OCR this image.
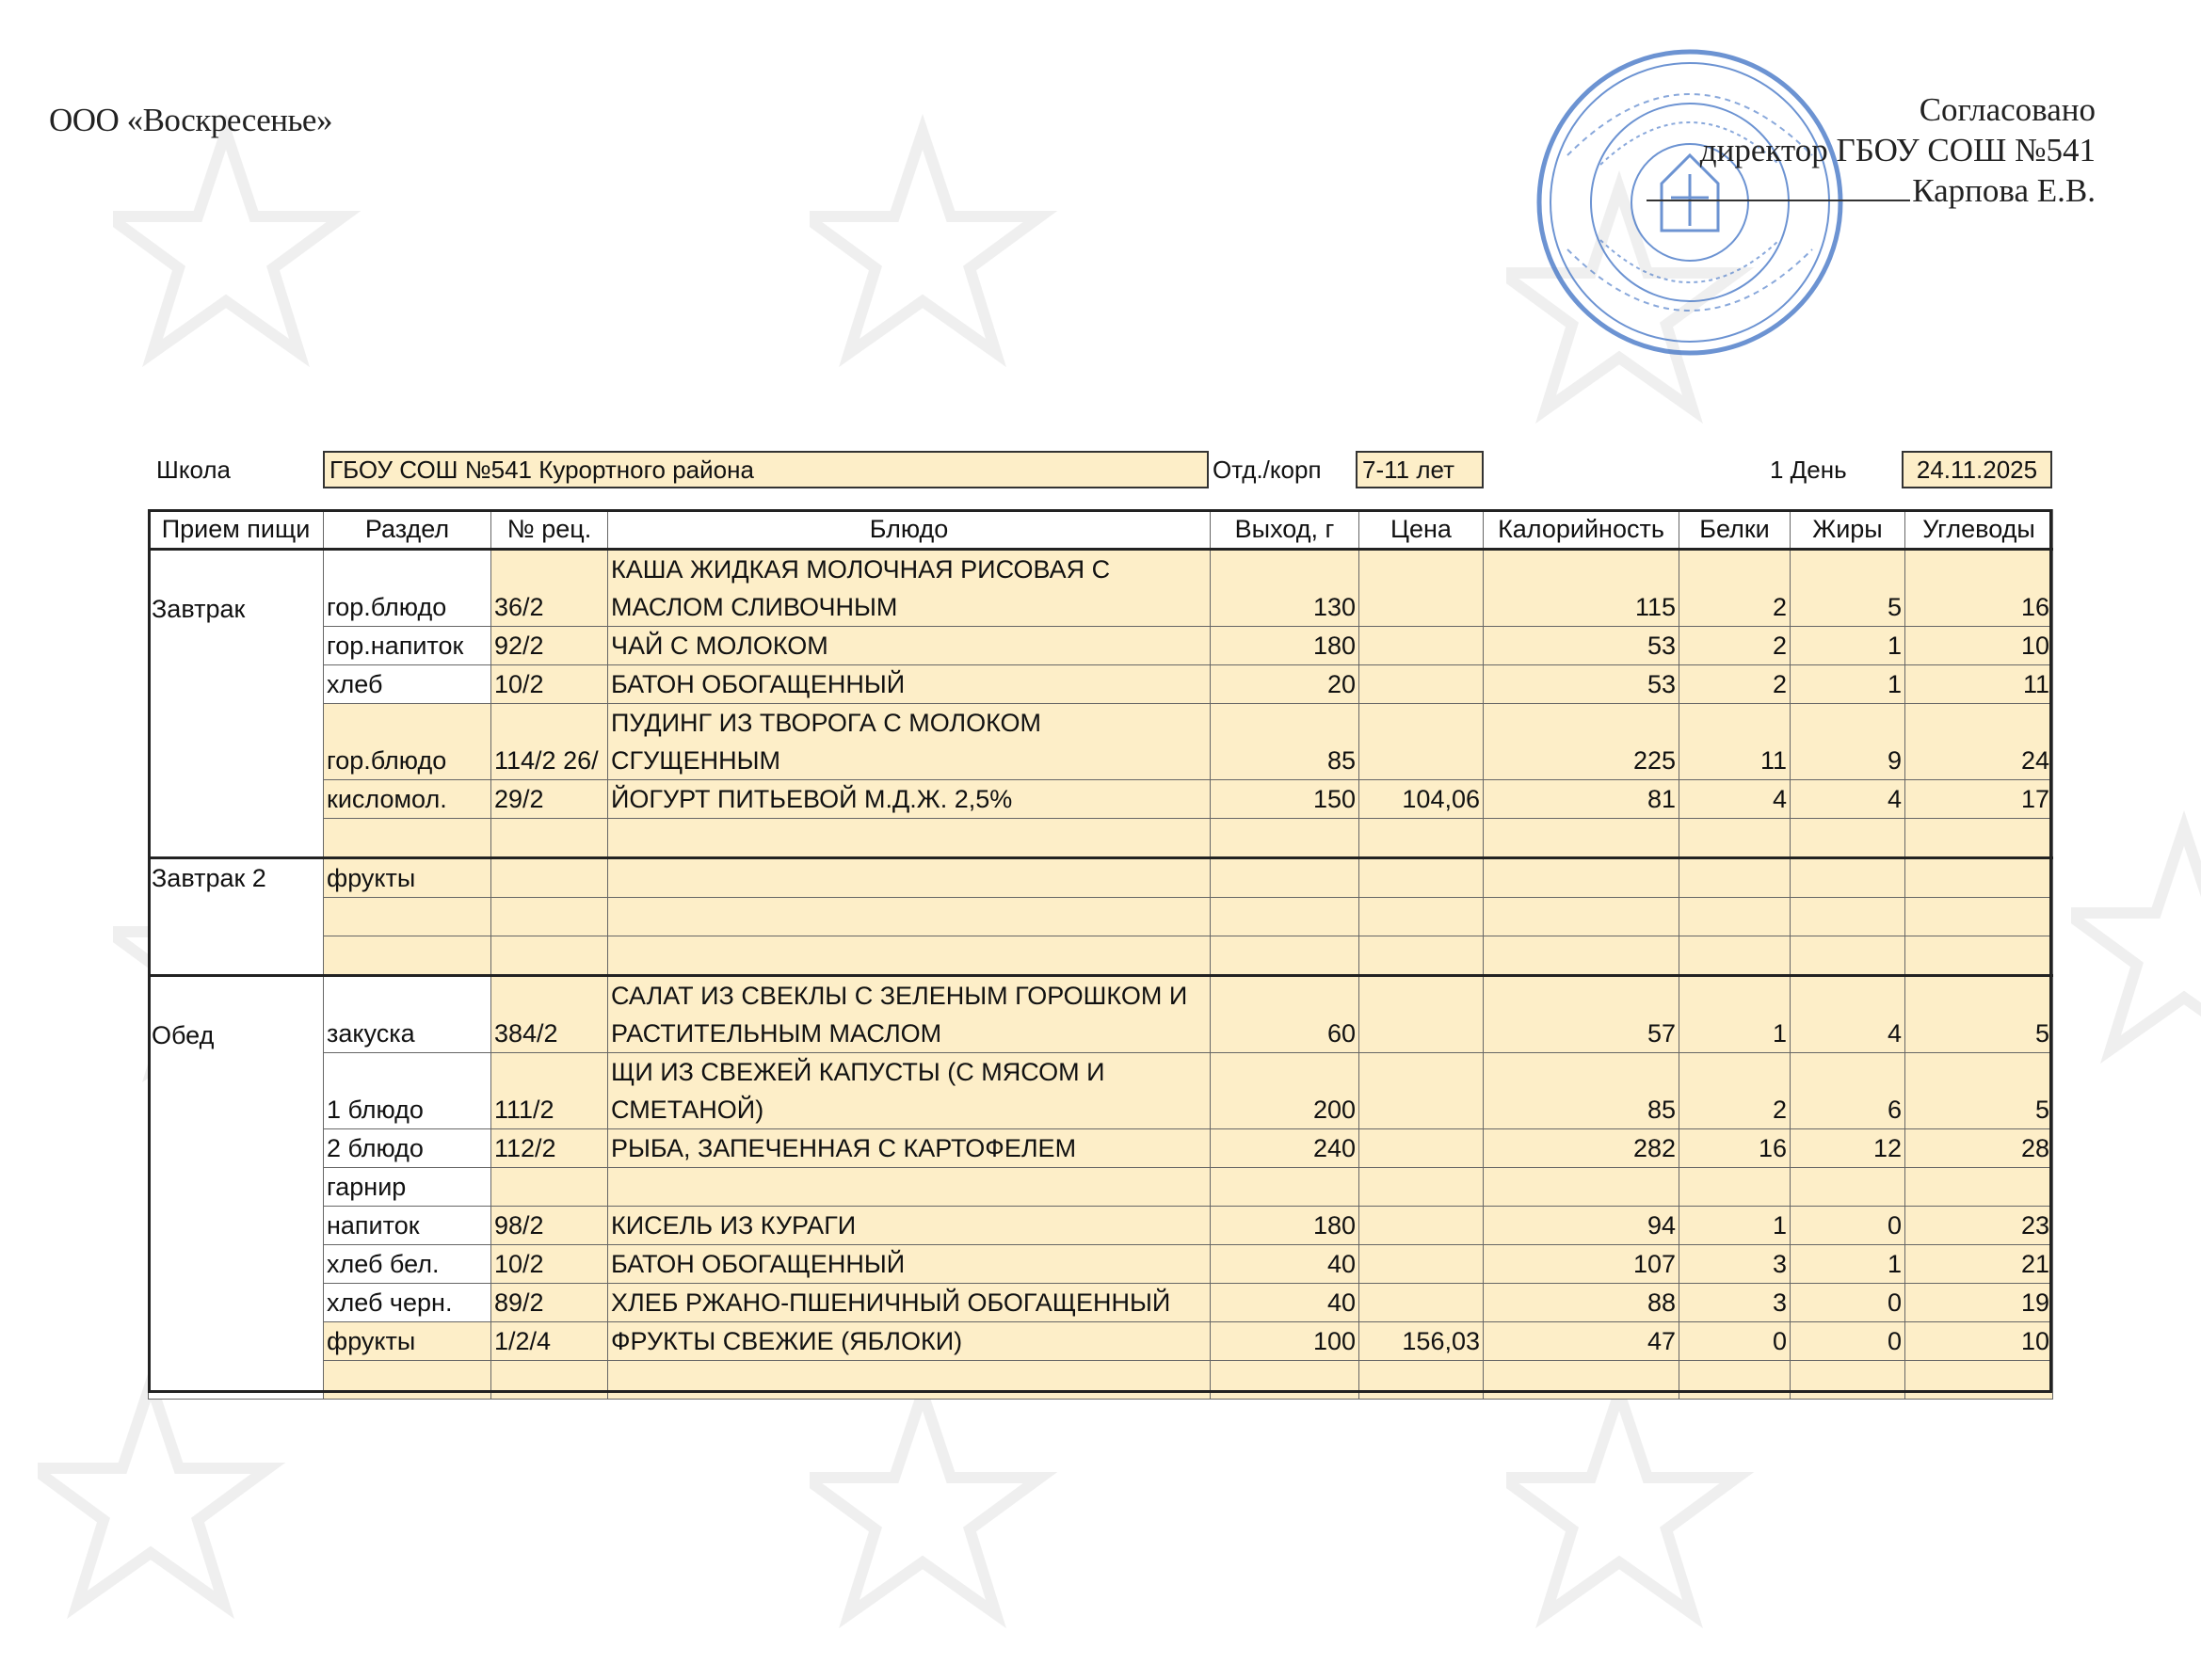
ООО «Воскресенье»	Согласовано
директор ГБОУ СОШ №541
Карпова Е.В.
Школа	ГБОУ СОШ №541 Курортного района	Отд./корп 7-11 лет	1 День	24.11.2025
Прием пищи	Раздел	№ рец.	Блюдо	Выход, г	Цена	Калорийность	Белки	Жиры	Углеводы
Завтрак	гор.блюдо	36/2	КАША ЖИДКАЯ МОЛОЧНАЯ РИСОВАЯ С МАСЛОМ СЛИВОЧНЫМ	130		115	2	5	16
	гор.напиток	92/2	ЧАЙ С МОЛОКОМ	180		53	2	1	10
	хлеб	10/2	БАТОН ОБОГАЩЕННЫЙ	20		53	2	1	11
	гор.блюдо	114/2 26/	ПУДИНГ ИЗ ТВОРОГА С МОЛОКОМ СГУЩЕННЫМ	85		225	11	9	24
	кисломол.	29/2	ЙОГУРТ ПИТЬЕВОЙ М.Д.Ж. 2,5%	150	104,06	81	4	4	17

Завтрак 2	фрукты								

Обед	закуска	384/2	САЛАТ ИЗ СВЕКЛЫ С ЗЕЛЕНЫМ ГОРОШКОМ И РАСТИТЕЛЬНЫМ МАСЛОМ	60		57	1	4	5
	1 блюдо	111/2	ЩИ ИЗ СВЕЖЕЙ КАПУСТЫ (С МЯСОМ И СМЕТАНОЙ)	200		85	2	6	5
	2 блюдо	112/2	РЫБА, ЗАПЕЧЕННАЯ С КАРТОФЕЛЕМ	240		282	16	12	28
	гарнир								
	напиток	98/2	КИСЕЛЬ ИЗ КУРАГИ	180		94	1	0	23
	хлеб бел.	10/2	БАТОН ОБОГАЩЕННЫЙ	40		107	3	1	21
	хлеб черн.	89/2	ХЛЕБ РЖАНО-ПШЕНИЧНЫЙ ОБОГАЩЕННЫЙ	40		88	3	0	19
	фрукты	1/2/4	ФРУКТЫ СВЕЖИЕ (ЯБЛОКИ)	100	156,03	47	0	0	10
